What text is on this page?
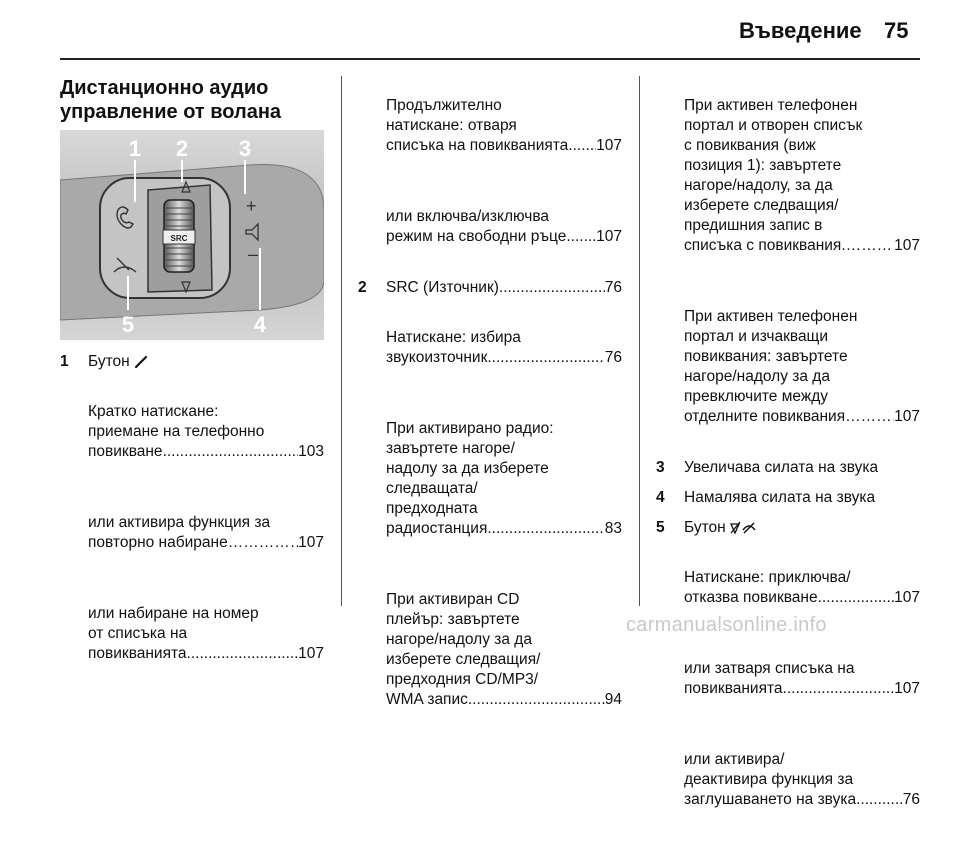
Въведение 75

Дистанционно аудио
управление от волана

SRC
+
–
1 2 3
4
5
1 Бутон

Кратко натискане:
приемане на телефонно

повикване .....	103

или активира функция за

повторно набиране …………………………………………………………	107

или набиране на номер
от списъка на

повикванията .....	107

Продължително
натискане: отваря

списъка на повикванията ..... 107

или включва/изключва

режим на свободни ръце ..... 107

2 SRC (Източник) .....	76

Натискане: избира

звукоизточник .....	76

При активирано радио:
завъртете нагоре/
надолу за да изберете
следващата/
предходната

радиостанция .....	83

При активиран CD
плейър: завъртете
нагоре/надолу за да
изберете следващия/
предходния CD/MP3/

WMA запис .....	94

При активен телефонен
портал и отворен списък
с повиквания (виж
позиция 1): завъртете
нагоре/надолу, за да
изберете следващия/
предишния запис в

списъка с повиквания. …………………………………………………………	107

При активен телефонен
портал и изчакващи
повиквания: завъртете
нагоре/надолу за да
превключите между

отделните повиквания …………………………………………………………	107

3 Увеличава силата на звука
4 Намалява силата на звука
5 Бутон

Натискане: приключва/

отказва повикване .....	107

или затваря списъка на

повикванията .....	107

или активира/
деактивира функция за

заглушаването на звука .....	76

carmanualsonline.info
